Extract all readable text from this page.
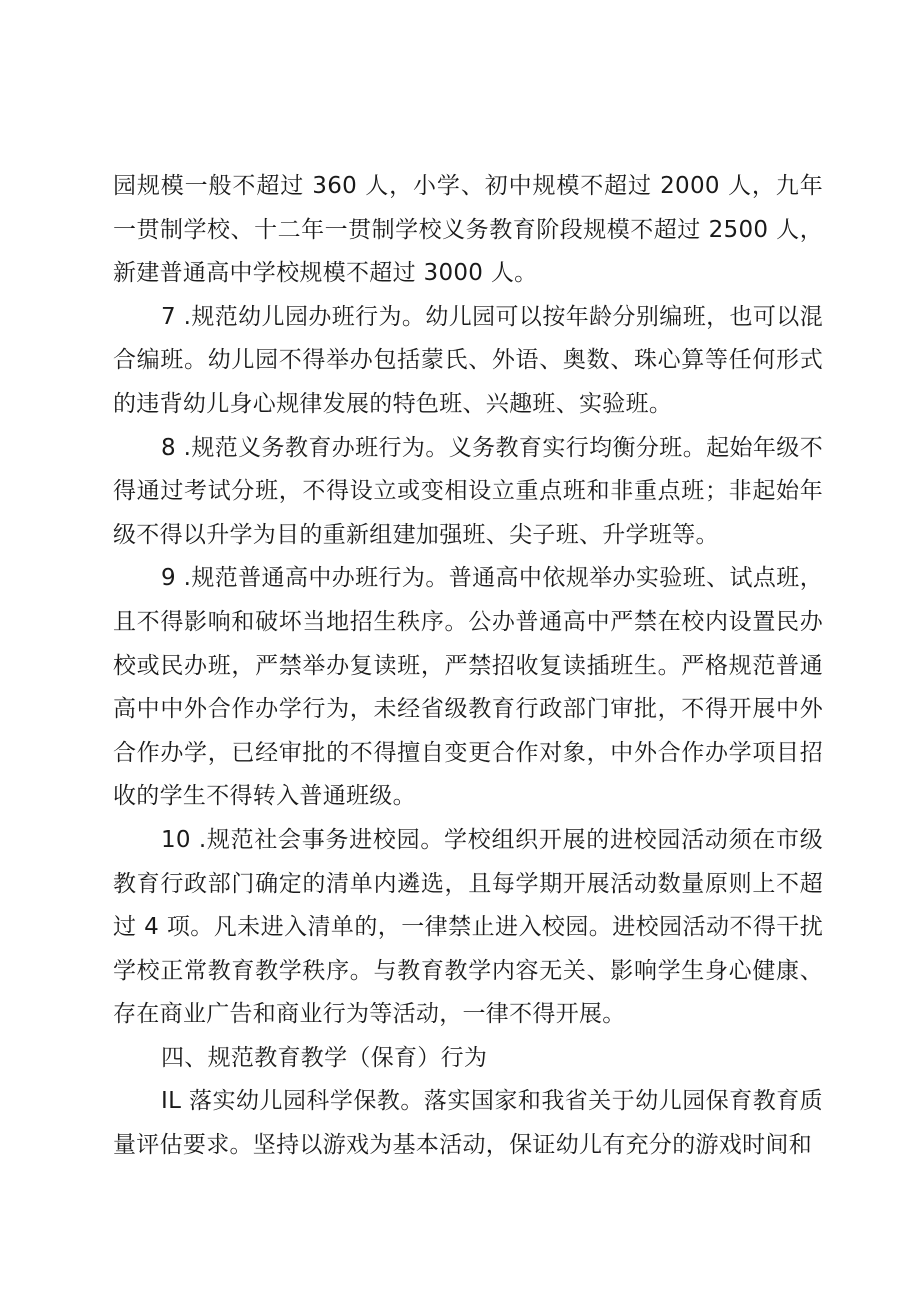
园规模一般不超过 360 人，小学、初中规模不超过 2000 人，九年一贯制学校、十二年一贯制学校义务教育阶段规模不超过 2500 人，新建普通高中学校规模不超过 3000 人。

7 .规范幼儿园办班行为。幼儿园可以按年龄分别编班，也可以混合编班。幼儿园不得举办包括蒙氏、外语、奥数、珠心算等任何形式的违背幼儿身心规律发展的特色班、兴趣班、实验班。

8 .规范义务教育办班行为。义务教育实行均衡分班。起始年级不得通过考试分班，不得设立或变相设立重点班和非重点班；非起始年级不得以升学为目的重新组建加强班、尖子班、升学班等。

9 .规范普通高中办班行为。普通高中依规举办实验班、试点班，且不得影响和破坏当地招生秩序。公办普通高中严禁在校内设置民办校或民办班，严禁举办复读班，严禁招收复读插班生。严格规范普通高中中外合作办学行为，未经省级教育行政部门审批，不得开展中外合作办学，已经审批的不得擅自变更合作对象，中外合作办学项目招收的学生不得转入普通班级。

10 .规范社会事务进校园。学校组织开展的进校园活动须在市级教育行政部门确定的清单内遴选，且每学期开展活动数量原则上不超过 4 项。凡未进入清单的，一律禁止进入校园。进校园活动不得干扰学校正常教育教学秩序。与教育教学内容无关、影响学生身心健康、存在商业广告和商业行为等活动，一律不得开展。

四、规范教育教学（保育）行为

IL 落实幼儿园科学保教。落实国家和我省关于幼儿园保育教育质量评估要求。坚持以游戏为基本活动，保证幼儿有充分的游戏时间和
